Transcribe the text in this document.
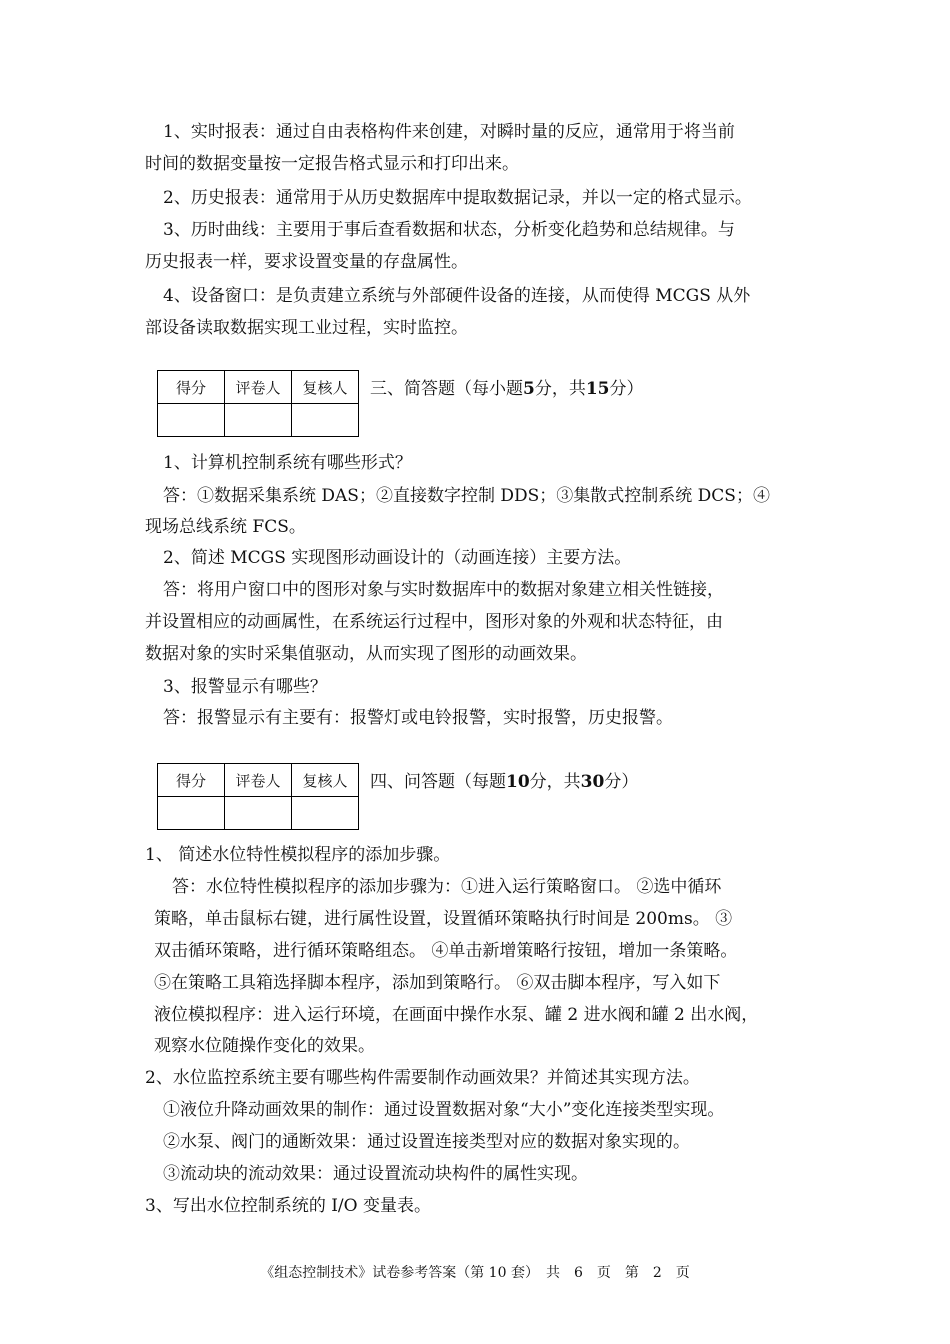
1、实时报表：通过自由表格构件来创建，对瞬时量的反应，通常用于将当前
时间的数据变量按一定报告格式显示和打印出来。
2、历史报表：通常用于从历史数据库中提取数据记录，并以一定的格式显示。
3、历时曲线：主要用于事后查看数据和状态，分析变化趋势和总结规律。与
历史报表一样，要求设置变量的存盘属性。
4、设备窗口：是负责建立系统与外部硬件设备的连接，从而使得 MCGS 从外
部设备读取数据实现工业过程，实时监控。
得分	评卷人	复核人
		三、简答题（每小题5分，共15分）
1、计算机控制系统有哪些形式？
答：①数据采集系统 DAS；②直接数字控制 DDS；③集散式控制系统 DCS；④
现场总线系统 FCS。
2、简述 MCGS 实现图形动画设计的（动画连接）主要方法。
答：将用户窗口中的图形对象与实时数据库中的数据对象建立相关性链接，
并设置相应的动画属性，在系统运行过程中，图形对象的外观和状态特征，由
数据对象的实时采集值驱动，从而实现了图形的动画效果。
3、报警显示有哪些？
答：报警显示有主要有：报警灯或电铃报警，实时报警，历史报警。
得分	评卷人	复核人
		四、问答题（每题10分，共30分）
1、 简述水位特性模拟程序的添加步骤。
答：水位特性模拟程序的添加步骤为：①进入运行策略窗口。 ②选中循环
策略，单击鼠标右键，进行属性设置，设置循环策略执行时间是 200ms。 ③
双击循环策略，进行循环策略组态。 ④单击新增策略行按钮，增加一条策略。
⑤在策略工具箱选择脚本程序，添加到策略行。 ⑥双击脚本程序，写入如下
液位模拟程序：进入运行环境，在画面中操作水泵、罐 2 进水阀和罐 2 出水阀，
观察水位随操作变化的效果。
2、水位监控系统主要有哪些构件需要制作动画效果？并简述其实现方法。
①液位升降动画效果的制作：通过设置数据对象“大小”变化连接类型实现。
②水泵、阀门的通断效果：通过设置连接类型对应的数据对象实现的。
③流动块的流动效果：通过设置流动块构件的属性实现。
3、写出水位控制系统的 I/O 变量表。
《组态控制技术》试卷参考答案（第 10 套）　共　6　页　第　2　页
